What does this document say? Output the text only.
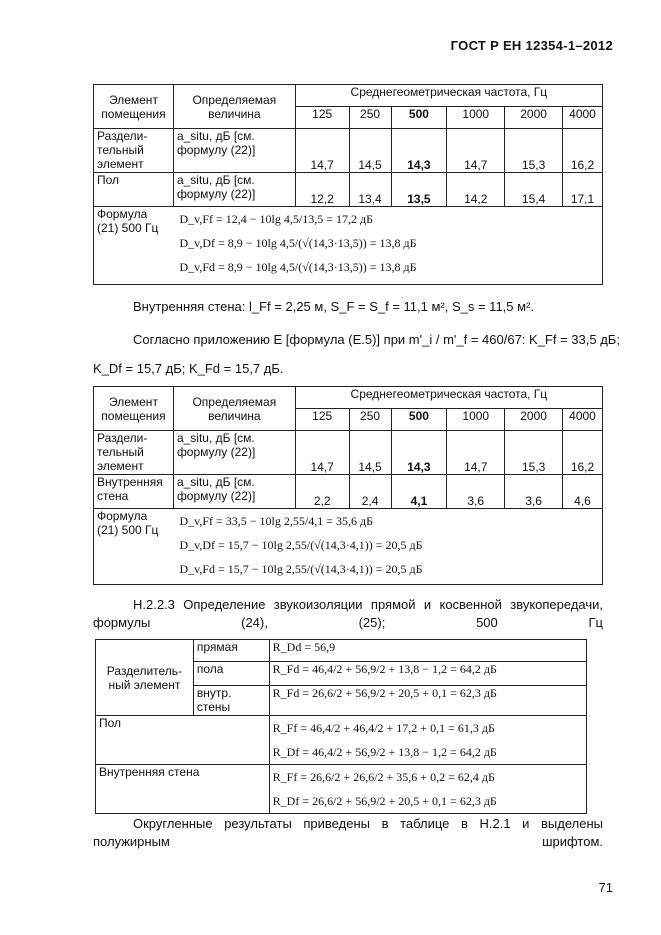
ГОСТ Р ЕН 12354-1–2012
Элемент помещения	Определяемая величина	Среднегеометрическая частота, Гц					
		125	250	500	1000	2000	4000
Раздели-тельный элемент	a_situ, дБ [см. формулу (22)]	14,7	14,5	14,3	14,7	15,3	16,2
Пол	a_situ, дБ [см. формулу (22)]	12,2	13,4	13,5	14,2	15,4	17,1
Формула (21) 500 Гц	D_v,Ff = 12,4 − 10lg 4,5/13,5 = 17,2 дБ
D_v,Df = 8,9 − 10lg 4,5/(√(14,3·13,5)) = 13,8 дБ
D_v,Fd = 8,9 − 10lg 4,5/(√(14,3·13,5)) = 13,8 дБ						
Внутренняя стена: l_Ff = 2,25 м, S_F = S_f = 11,1 м², S_s = 11,5 м².
Согласно приложению Е [формула (Е.5)] при m'_i / m'_f = 460/67: K_Ff = 33,5 дБ;
K_Df = 15,7 дБ; K_Fd = 15,7 дБ.
Элемент помещения	Определяемая величина	Среднегеометрическая частота, Гц					
		125	250	500	1000	2000	4000
Раздели-тельный элемент	a_situ, дБ [см. формулу (22)]	14,7	14,5	14,3	14,7	15,3	16,2
Внутренняя стена	a_situ, дБ [см. формулу (22)]	2,2	2,4	4,1	3,6	3,6	4,6
Формула (21) 500 Гц	D_v,Ff = 33,5 − 10lg 2,55/4,1 = 35,6 дБ
D_v,Df = 15,7 − 10lg 2,55/(√(14,3·4,1)) = 20,5 дБ
D_v,Fd = 15,7 − 10lg 2,55/(√(14,3·4,1)) = 20,5 дБ						
Н.2.2.3 Определение звукоизоляции прямой и косвенной звукопередачи, формулы (24), (25); 500 Гц
Разделитель-ный элемент	прямая	R_Dd = 56,9
	пола	R_Fd = 46,4/2 + 56,9/2 + 13,8 − 1,2 = 64,2 дБ
	внутр. стены	R_Fd = 26,6/2 + 56,9/2 + 20,5 + 0,1 = 62,3 дБ
Пол		R_Ff = 46,4/2 + 46,4/2 + 17,2 + 0,1 = 61,3 дБ
R_Df = 46,4/2 + 56,9/2 + 13,8 − 1,2 = 64,2 дБ

Внутренняя стена		R_Ff = 26,6/2 + 26,6/2 + 35,6 + 0,2 = 62,4 дБ
R_Df = 26,6/2 + 56,9/2 + 20,5 + 0,1 = 62,3 дБ
Округленные результаты приведены в таблице в Н.2.1 и выделены полужирным шрифтом.
71
